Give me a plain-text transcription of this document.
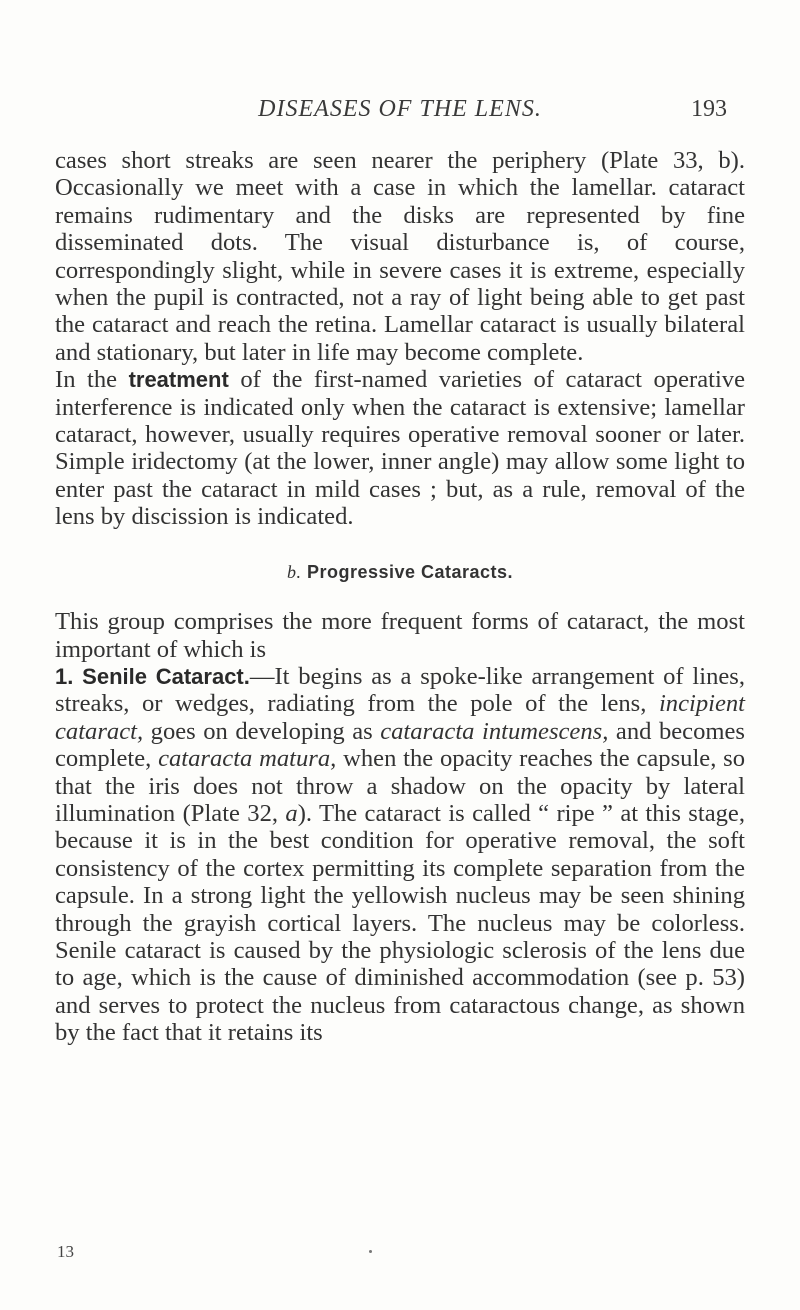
DISEASES OF THE LENS.	193

cases short streaks are seen nearer the periphery (Plate 33, b). Occasionally we meet with a case in which the lamellar. cataract remains rudimentary and the disks are represented by fine disseminated dots. The visual disturbance is, of course, correspondingly slight, while in severe cases it is extreme, especially when the pupil is contracted, not a ray of light being able to get past the cataract and reach the retina. Lamellar cataract is usually bilateral and stationary, but later in life may become complete.

In the treatment of the first-named varieties of cataract operative interference is indicated only when the cataract is extensive; lamellar cataract, however, usually requires operative removal sooner or later. Simple iridectomy (at the lower, inner angle) may allow some light to enter past the cataract in mild cases ; but, as a rule, removal of the lens by discission is indicated.

b. Progressive Cataracts.

This group comprises the more frequent forms of cataract, the most important of which is

1. Senile Cataract.—It begins as a spoke-like arrangement of lines, streaks, or wedges, radiating from the pole of the lens, incipient cataract, goes on developing as cataracta intumescens, and becomes complete, cataracta matura, when the opacity reaches the capsule, so that the iris does not throw a shadow on the opacity by lateral illumination (Plate 32, a). The cataract is called “ ripe ” at this stage, because it is in the best condition for operative removal, the soft consistency of the cortex permitting its complete separation from the capsule. In a strong light the yellowish nucleus may be seen shining through the grayish cortical layers. The nucleus may be colorless. Senile cataract is caused by the physiologic sclerosis of the lens due to age, which is the cause of diminished accommodation (see p. 53) and serves to protect the nucleus from cataractous change, as shown by the fact that it retains its

13
